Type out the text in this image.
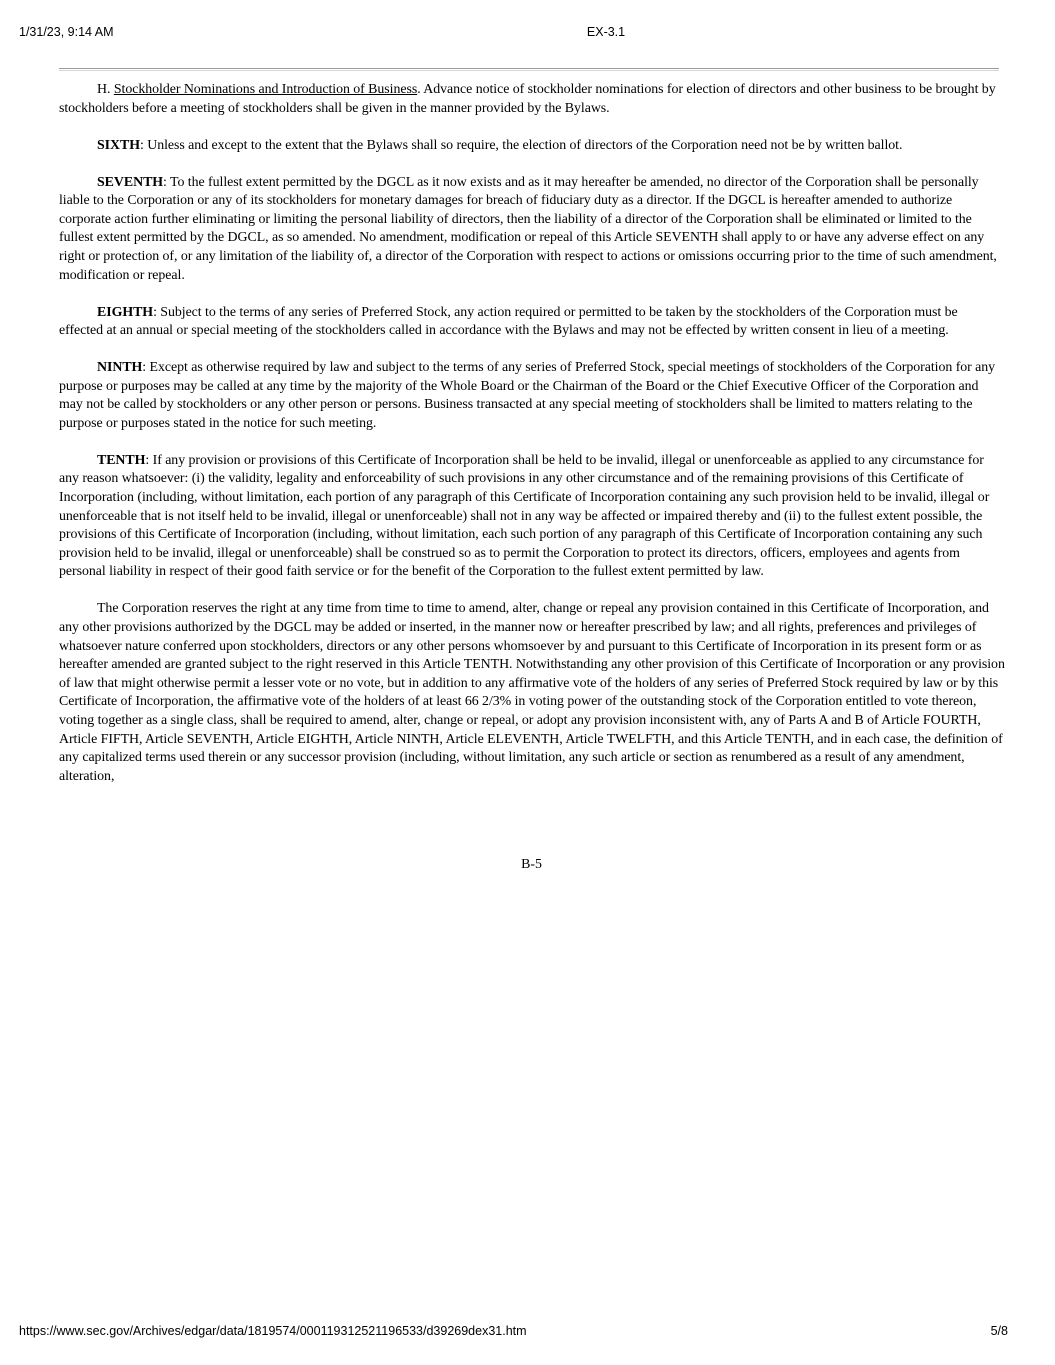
1/31/23, 9:14 AM	EX-3.1

H. Stockholder Nominations and Introduction of Business. Advance notice of stockholder nominations for election of directors and other business to be brought by stockholders before a meeting of stockholders shall be given in the manner provided by the Bylaws.

SIXTH: Unless and except to the extent that the Bylaws shall so require, the election of directors of the Corporation need not be by written ballot.

SEVENTH: To the fullest extent permitted by the DGCL as it now exists and as it may hereafter be amended, no director of the Corporation shall be personally liable to the Corporation or any of its stockholders for monetary damages for breach of fiduciary duty as a director. If the DGCL is hereafter amended to authorize corporate action further eliminating or limiting the personal liability of directors, then the liability of a director of the Corporation shall be eliminated or limited to the fullest extent permitted by the DGCL, as so amended. No amendment, modification or repeal of this Article SEVENTH shall apply to or have any adverse effect on any right or protection of, or any limitation of the liability of, a director of the Corporation with respect to actions or omissions occurring prior to the time of such amendment, modification or repeal.

EIGHTH: Subject to the terms of any series of Preferred Stock, any action required or permitted to be taken by the stockholders of the Corporation must be effected at an annual or special meeting of the stockholders called in accordance with the Bylaws and may not be effected by written consent in lieu of a meeting.

NINTH: Except as otherwise required by law and subject to the terms of any series of Preferred Stock, special meetings of stockholders of the Corporation for any purpose or purposes may be called at any time by the majority of the Whole Board or the Chairman of the Board or the Chief Executive Officer of the Corporation and may not be called by stockholders or any other person or persons. Business transacted at any special meeting of stockholders shall be limited to matters relating to the purpose or purposes stated in the notice for such meeting.

TENTH: If any provision or provisions of this Certificate of Incorporation shall be held to be invalid, illegal or unenforceable as applied to any circumstance for any reason whatsoever: (i) the validity, legality and enforceability of such provisions in any other circumstance and of the remaining provisions of this Certificate of Incorporation (including, without limitation, each portion of any paragraph of this Certificate of Incorporation containing any such provision held to be invalid, illegal or unenforceable that is not itself held to be invalid, illegal or unenforceable) shall not in any way be affected or impaired thereby and (ii) to the fullest extent possible, the provisions of this Certificate of Incorporation (including, without limitation, each such portion of any paragraph of this Certificate of Incorporation containing any such provision held to be invalid, illegal or unenforceable) shall be construed so as to permit the Corporation to protect its directors, officers, employees and agents from personal liability in respect of their good faith service or for the benefit of the Corporation to the fullest extent permitted by law.

The Corporation reserves the right at any time from time to time to amend, alter, change or repeal any provision contained in this Certificate of Incorporation, and any other provisions authorized by the DGCL may be added or inserted, in the manner now or hereafter prescribed by law; and all rights, preferences and privileges of whatsoever nature conferred upon stockholders, directors or any other persons whomsoever by and pursuant to this Certificate of Incorporation in its present form or as hereafter amended are granted subject to the right reserved in this Article TENTH. Notwithstanding any other provision of this Certificate of Incorporation or any provision of law that might otherwise permit a lesser vote or no vote, but in addition to any affirmative vote of the holders of any series of Preferred Stock required by law or by this Certificate of Incorporation, the affirmative vote of the holders of at least 66 2/3% in voting power of the outstanding stock of the Corporation entitled to vote thereon, voting together as a single class, shall be required to amend, alter, change or repeal, or adopt any provision inconsistent with, any of Parts A and B of Article FOURTH, Article FIFTH, Article SEVENTH, Article EIGHTH, Article NINTH, Article ELEVENTH, Article TWELFTH, and this Article TENTH, and in each case, the definition of any capitalized terms used therein or any successor provision (including, without limitation, any such article or section as renumbered as a result of any amendment, alteration,

B-5
https://www.sec.gov/Archives/edgar/data/1819574/000119312521196533/d39269dex31.htm	5/8
